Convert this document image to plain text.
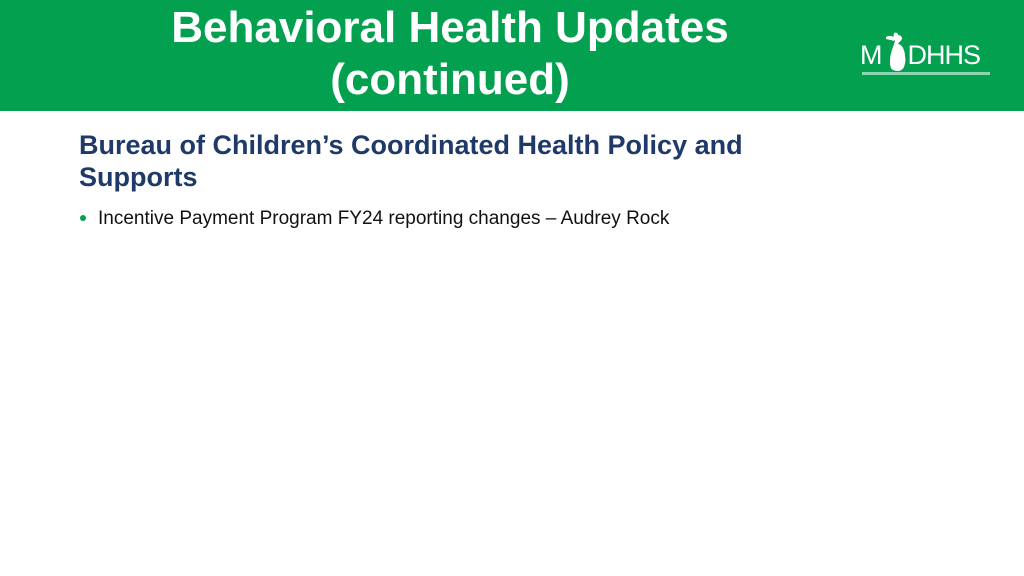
Behavioral Health Updates
(continued)	M DHHS
Bureau of Children’s Coordinated Health Policy and Supports
Incentive Payment Program FY24 reporting changes – Audrey Rock
